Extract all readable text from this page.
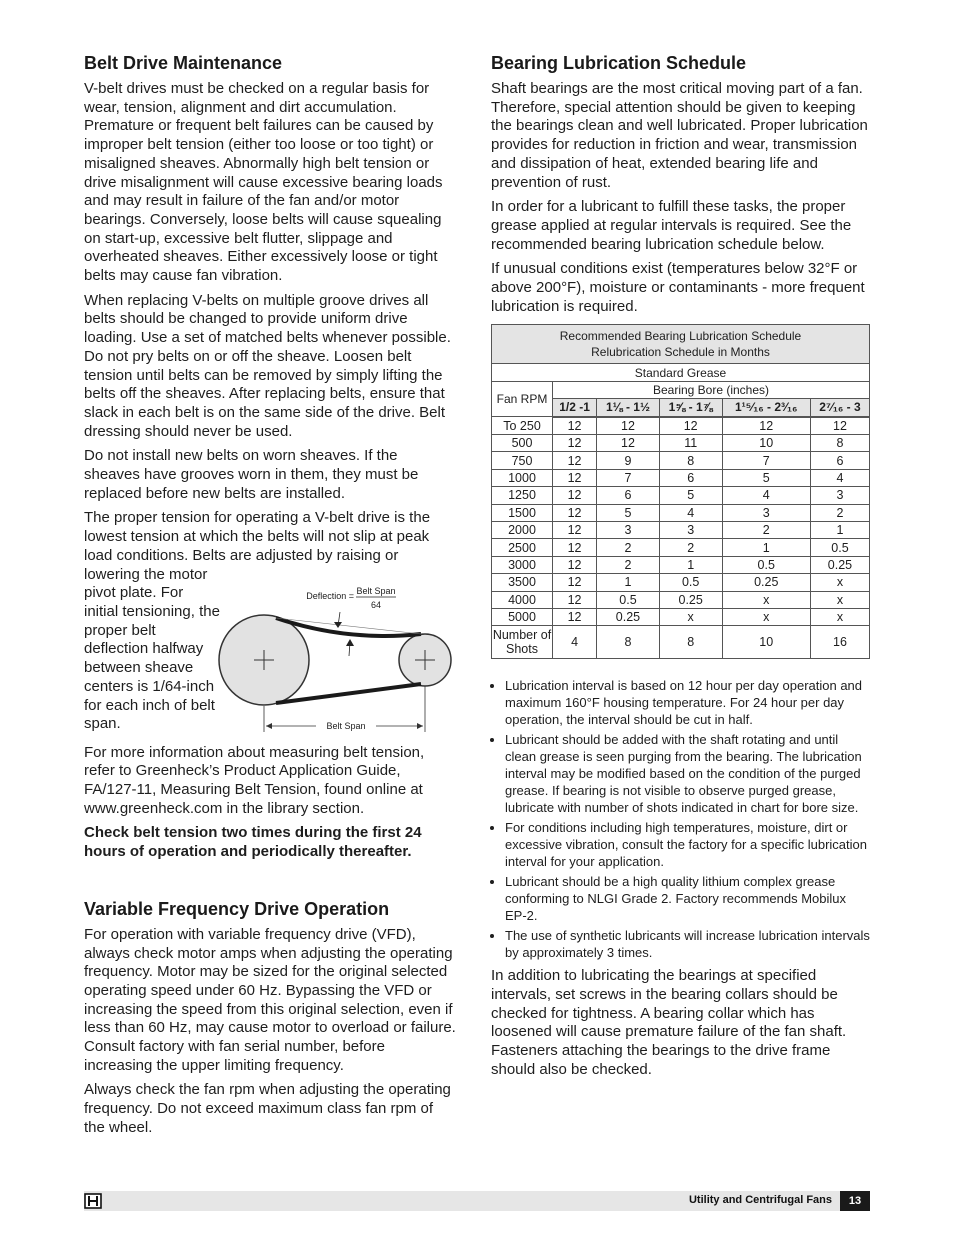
Belt Drive Maintenance

V-belt drives must be checked on a regular basis for wear, tension, alignment and dirt accumulation. Premature or frequent belt failures can be caused by improper belt tension (either too loose or too tight) or misaligned sheaves. Abnormally high belt tension or drive misalignment will cause excessive bearing loads and may result in failure of the fan and/or motor bearings. Conversely, loose belts will cause squealing on start-up, excessive belt flutter, slippage and overheated sheaves. Either excessively loose or tight belts may cause fan vibration.

When replacing V-belts on multiple groove drives all belts should be changed to provide uniform drive loading. Use a set of matched belts whenever possible. Do not pry belts on or off the sheave. Loosen belt tension until belts can be removed by simply lifting the belts off the sheaves. After replacing belts, ensure that slack in each belt is on the same side of the drive. Belt dressing should never be used.

Do not install new belts on worn sheaves. If the sheaves have grooves worn in them, they must be replaced before new belts are installed.

The proper tension for operating a V-belt drive is the lowest tension at which the belts will not slip at peak load conditions. Belts are adjusted by raising or

lowering the motor pivot plate. For initial tensioning, the proper belt deflection halfway between sheave centers is 1/64-inch for each inch of belt span.
Deflection = Belt Span
64
Belt Span

For more information about measuring belt tension, refer to Greenheck’s Product Application Guide, FA/127-11, Measuring Belt Tension, found online at www.greenheck.com in the library section.

Check belt tension two times during the first 24 hours of operation and periodically thereafter.

Variable Frequency Drive Operation

For operation with variable frequency drive (VFD), always check motor amps when adjusting the operating frequency. Motor may be sized for the original selected operating speed under 60 Hz. Bypassing the VFD or increasing the speed from this original selection, even if less than 60 Hz, may cause motor to overload or failure. Consult factory with fan serial number, before increasing the upper limiting frequency.

Always check the fan rpm when adjusting the operating frequency. Do not exceed maximum class fan rpm of the wheel.

Bearing Lubrication Schedule

Shaft bearings are the most critical moving part of a fan. Therefore, special attention should be given to keeping the bearings clean and well lubricated. Proper lubrication provides for reduction in friction and wear, transmission and dissipation of heat, extended bearing life and prevention of rust.

In order for a lubricant to fulfill these tasks, the proper grease applied at regular intervals is required. See the recommended bearing lubrication schedule below.

If unusual conditions exist (temperatures below 32°F or above 200°F), moisture or contaminants - more frequent lubrication is required.

Recommended Bearing Lubrication Schedule
Relubrication Schedule in Months					
Standard Grease					
Fan RPM	Bearing Bore (inches)				
	1/2 -1	1⅛ - 1½	1⅝ - 1⅞	1¹⁵⁄₁₆ - 2³⁄₁₆	2⁷⁄₁₆ - 3
To 250	12	12	12	12	12
500	12	12	11	10	8
750	12	9	8	7	6
1000	12	7	6	5	4
1250	12	6	5	4	3
1500	12	5	4	3	2
2000	12	3	3	2	1
2500	12	2	2	1	0.5
3000	12	2	1	0.5	0.25
3500	12	1	0.5	0.25	x
4000	12	0.5	0.25	x	x
5000	12	0.25	x	x	x
Number of Shots	4	8	8	10	16
• Lubrication interval is based on 12 hour per day operation and maximum 160°F housing temperature. For 24 hour per day operation, the interval should be cut in half.
• Lubricant should be added with the shaft rotating and until clean grease is seen purging from the bearing. The lubrication interval may be modified based on the condition of the purged grease. If bearing is not visible to observe purged grease, lubricate with number of shots indicated in chart for bore size.
• For conditions including high temperatures, moisture, dirt or excessive vibration, consult the factory for a specific lubrication interval for your application.
• Lubricant should be a high quality lithium complex grease conforming to NLGI Grade 2. Factory recommends Mobilux EP-2.
• The use of synthetic lubricants will increase lubrication intervals by approximately 3 times.

In addition to lubricating the bearings at specified intervals, set screws in the bearing collars should be checked for tightness. A bearing collar which has loosened will cause premature failure of the fan shaft. Fasteners attaching the bearings to the drive frame should also be checked.

Utility and Centrifugal Fans	13
